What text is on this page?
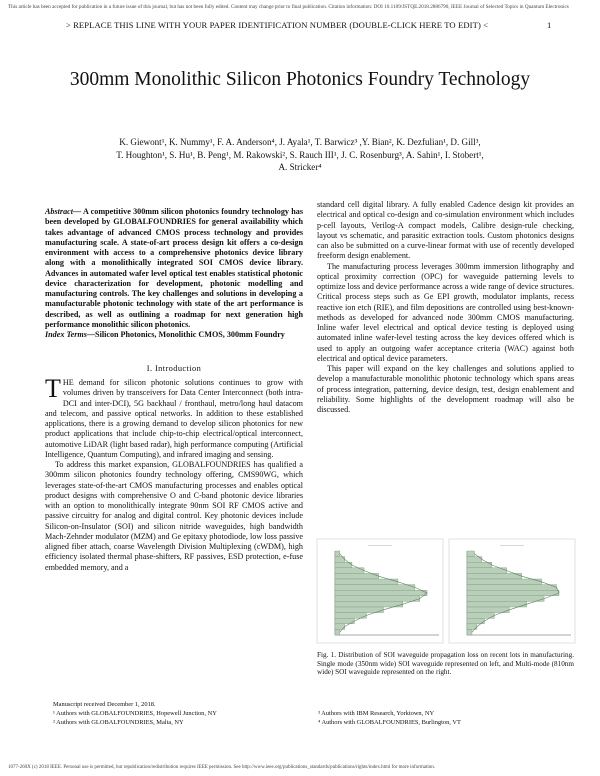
This article has been accepted for publication in a future issue of this journal, but has not been fully edited. Content may change prior to final publication. Citation information: DOI 10.1109/JSTQE.2018.2886790, IEEE Journal of Selected Topics in Quantum Electronics
> REPLACE THIS LINE WITH YOUR PAPER IDENTIFICATION NUMBER (DOUBLE-CLICK HERE TO EDIT) <	1
300mm Monolithic Silicon Photonics Foundry Technology
K. Giewont¹, K. Nummy¹, F. A. Anderson⁴, J. Ayala¹, T. Barwicz³ ,Y. Bian², K. Dezfulian¹, D. Gill³,
T. Houghton¹, S. Hu¹, B. Peng¹, M. Rakowski², S. Rauch III¹, J. C. Rosenburg³, A. Sahin¹, I. Stobert¹,
A. Stricker⁴
Abstract— A competitive 300mm silicon photonics foundry technology has been developed by GLOBALFOUNDRIES for general availability which takes advantage of advanced CMOS process technology and provides manufacturing scale. A state-of-art process design kit offers a co-design environment with access to a comprehensive photonics device library along with a monolithically integrated SOI CMOS device library. Advances in automated wafer level optical test enables statistical photonic device characterization for development, photonic modelling and manufacturing controls. The key challenges and solutions in developing a manufacturable photonic technology with state of the art performance is described, as well as outlining a roadmap for next generation high performance monolithic silicon photonics.
Index Terms—Silicon Photonics, Monolithic CMOS, 300mm Foundry
I. Introduction

THE demand for silicon photonic solutions continues to grow with volumes driven by transceivers for Data Center Interconnect (both intra-DCI and inter-DCI), 5G backhaul / fronthaul, metro/long haul datacom and telecom, and passive optical networks. In addition to these established applications, there is a growing demand to develop silicon photonics for new product applications that include chip-to-chip electrical/optical interconnect, automotive LiDAR (light based radar), high performance computing (Artificial Intelligence, Quantum Computing), and infrared imaging and sensing.

To address this market expansion, GLOBALFOUNDRIES has qualified a 300mm silicon photonics foundry technology offering, CMS90WG, which leverages state-of-the-art CMOS manufacturing processes and enables optical product designs with comprehensive O and C-band photonic device libraries with an option to monolithically integrate 90nm SOI RF CMOS active and passive circuitry for analog and digital control. Key photonic devices include Silicon-on-Insulator (SOI) and silicon nitride waveguides, high bandwidth Mach-Zehnder modulator (MZM) and Ge epitaxy photodiode, low loss passive aligned fiber attach, coarse Wavelength Division Multiplexing (cWDM), high efficiency isolated thermal phase-shifters, RF passives, ESD protection, e-fuse embedded memory, and a

standard cell digital library. A fully enabled Cadence design kit provides an electrical and optical co-design and co-simulation environment which includes p-cell layouts, Verilog-A compact models, Calibre design-rule checking, layout vs schematic, and parasitic extraction tools. Custom photonics designs can also be submitted on a curve-linear format with use of recently developed freeform design enablement.

The manufacturing process leverages 300mm immersion lithography and optical proximity correction (OPC) for waveguide patterning levels to optimize loss and device performance across a wide range of device structures. Critical process steps such as Ge EPI growth, modulator implants, recess reactive ion etch (RIE), and film depositions are controlled using best-known-methods as developed for advanced node 300mm CMOS manufacturing. Inline wafer level electrical and optical device testing is deployed using automated inline wafer-level testing across the key devices offered which is used to apply an outgoing wafer acceptance criteria (WAC) against both electrical and optical device parameters.

This paper will expand on the key challenges and solutions applied to develop a manufacturable monolithic photonic technology which spans areas of process integration, patterning, device design, test, design enablement and reliability. Some highlights of the development roadmap will also be discussed.

——————	——————
Fig. 1. Distribution of SOI waveguide propagation loss on recent lots in manufacturing. Single mode (350nm wide) SOI waveguide represented on left, and Multi-mode (810nm wide) SOI waveguide represented on the right.
Manuscript received December 1, 2018.
¹ Authors with GLOBALFOUNDRIES, Hopewell Junction, NY
² Authors with GLOBALFOUNDRIES, Malta, NY

³ Authors with IBM Research, Yorktown, NY
⁴ Authors with GLOBALFOUNDRIES, Burlington, VT
1077-260X (c) 2018 IEEE. Personal use is permitted, but republication/redistribution requires IEEE permission. See http://www.ieee.org/publications_standards/publications/rights/index.html for more information.
